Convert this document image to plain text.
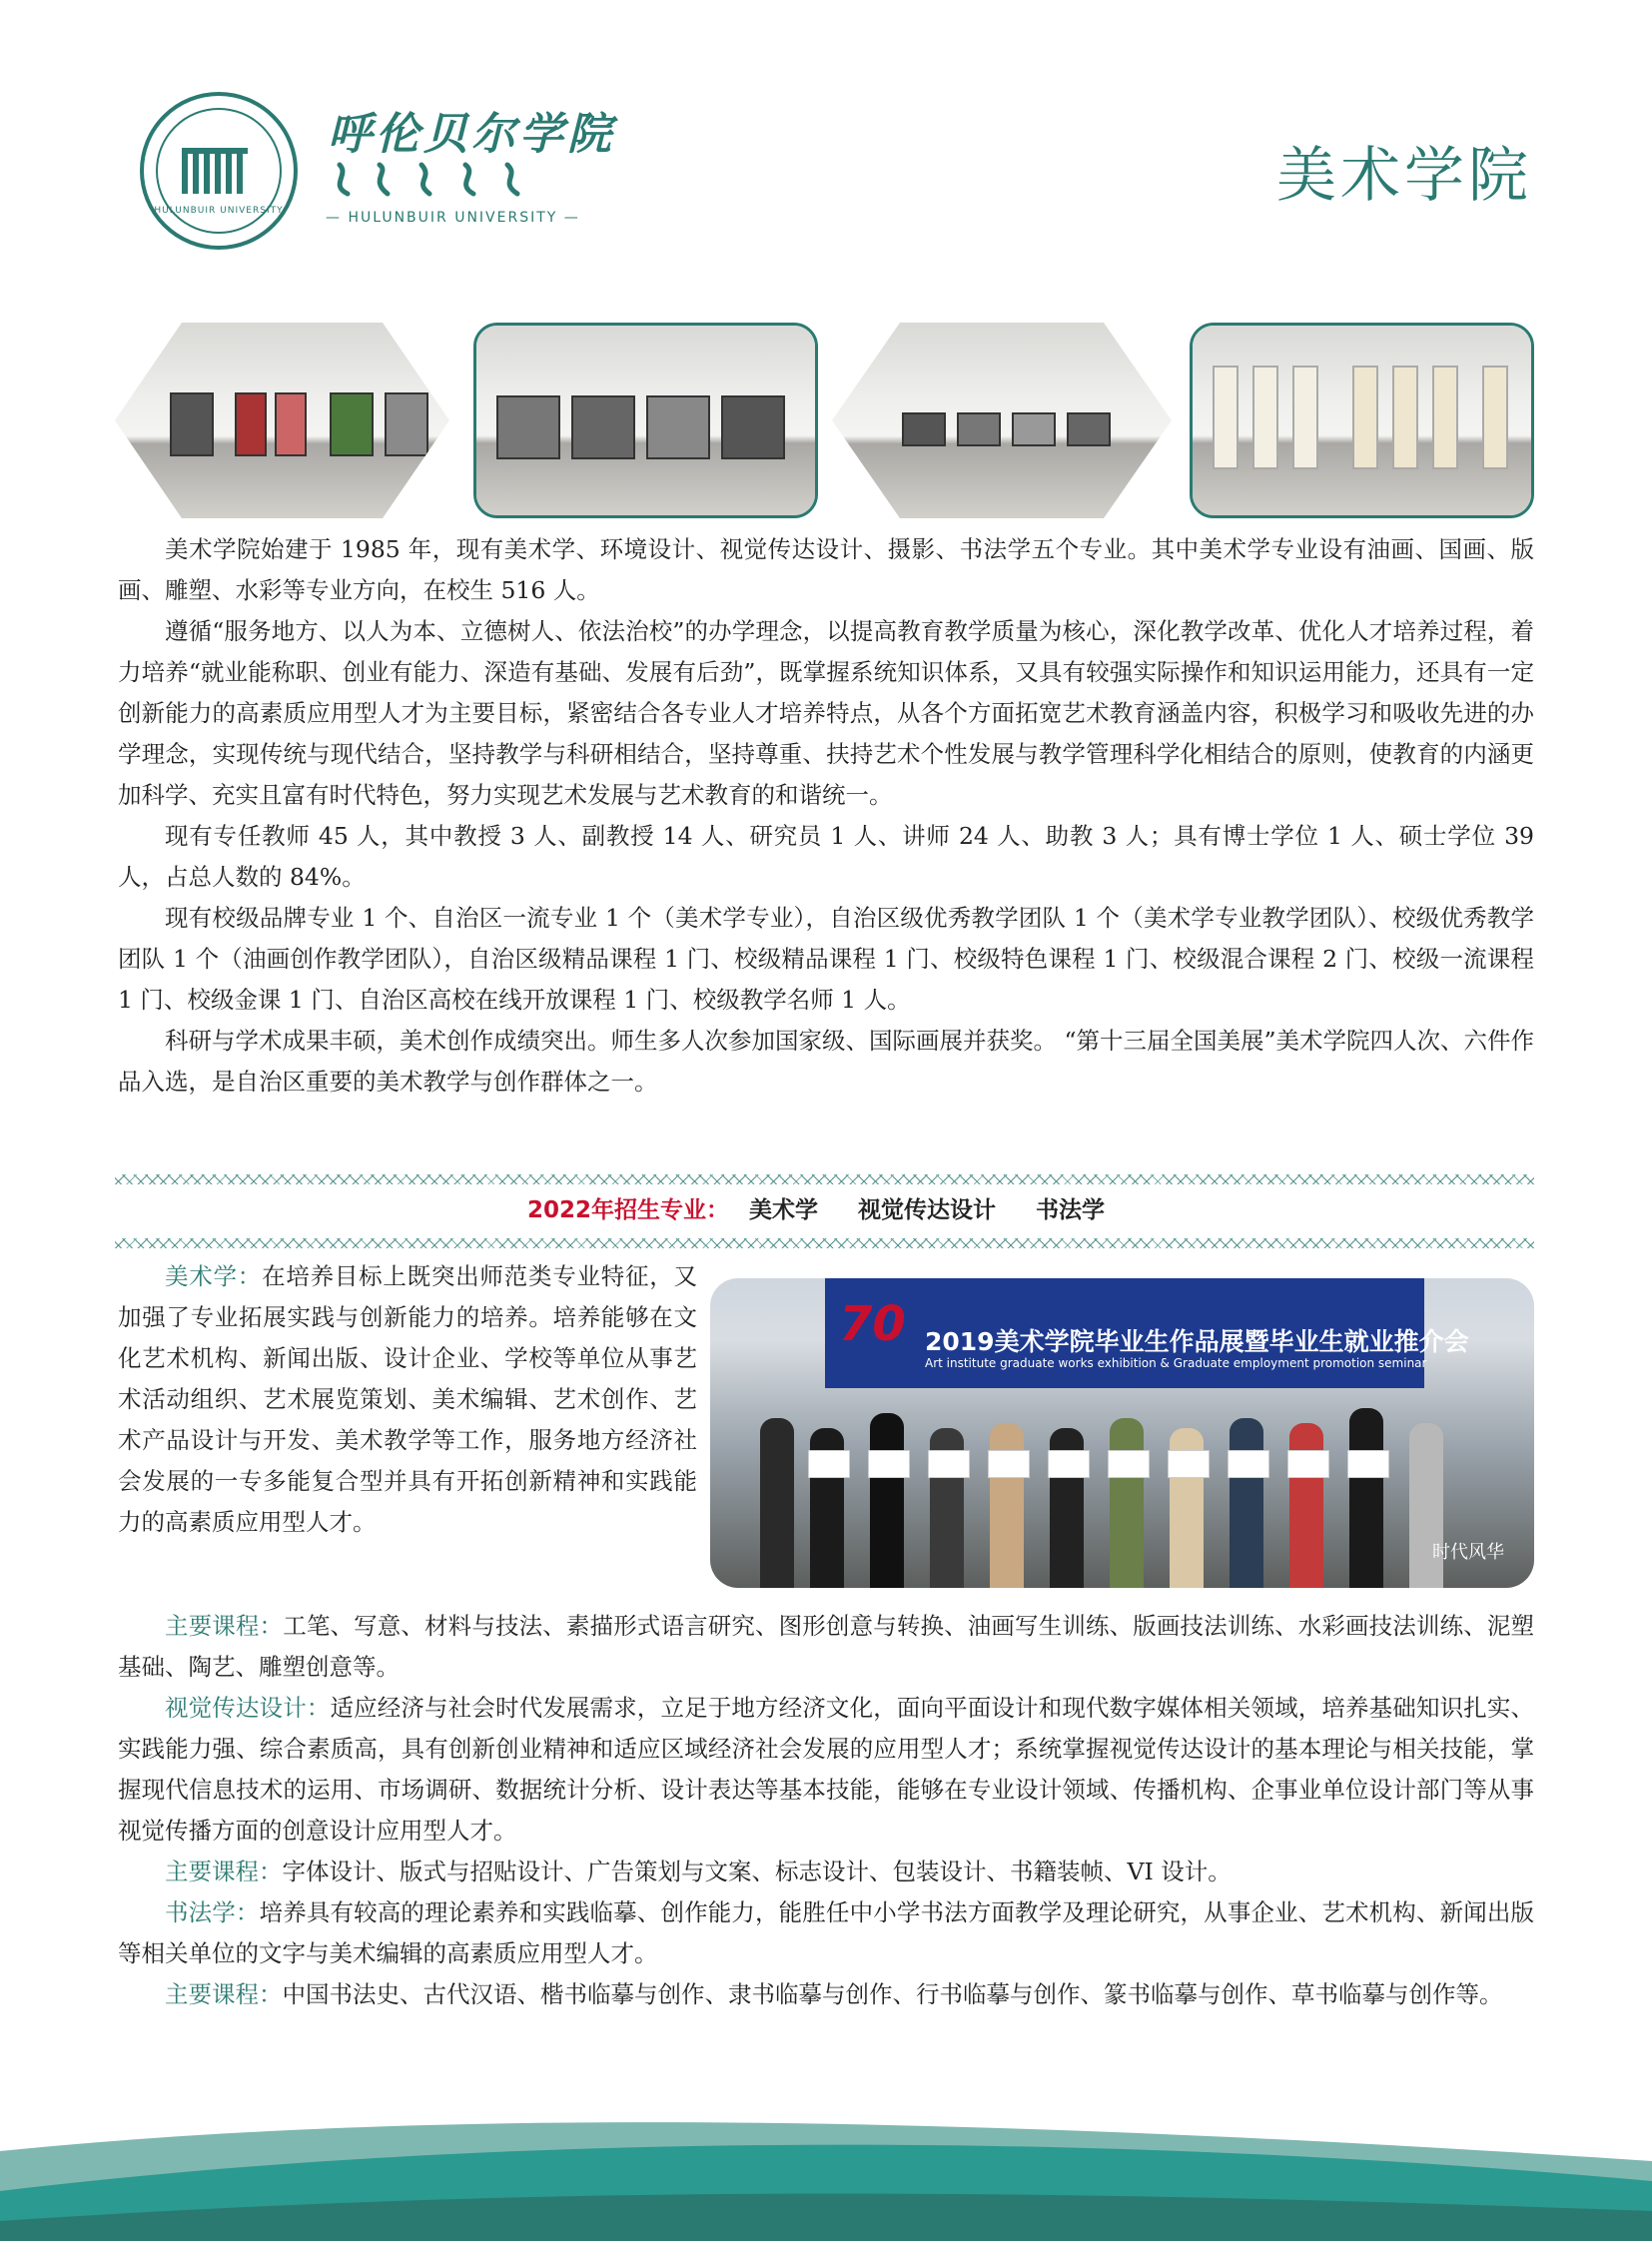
HULUNBUIR UNIVERSITY
呼伦贝尔学院
— HULUNBUIR UNIVERSITY —
美术学院

美术学院始建于 1985 年，现有美术学、环境设计、视觉传达设计、摄影、书法学五个专业。其中美术学专业设有油画、国画、版画、雕塑、水彩等专业方向，在校生 516 人。

遵循“服务地方、以人为本、立德树人、依法治校”的办学理念，以提高教育教学质量为核心，深化教学改革、优化人才培养过程，着力培养“就业能称职、创业有能力、深造有基础、发展有后劲”，既掌握系统知识体系，又具有较强实际操作和知识运用能力，还具有一定创新能力的高素质应用型人才为主要目标，紧密结合各专业人才培养特点，从各个方面拓宽艺术教育涵盖内容，积极学习和吸收先进的办学理念，实现传统与现代结合，坚持教学与科研相结合，坚持尊重、扶持艺术个性发展与教学管理科学化相结合的原则，使教育的内涵更加科学、充实且富有时代特色，努力实现艺术发展与艺术教育的和谐统一。

现有专任教师 45 人，其中教授 3 人、副教授 14 人、研究员 1 人、讲师 24 人、助教 3 人；具有博士学位 1 人、硕士学位 39 人，占总人数的 84%。

现有校级品牌专业 1 个、自治区一流专业 1 个（美术学专业），自治区级优秀教学团队 1 个（美术学专业教学团队）、校级优秀教学团队 1 个（油画创作教学团队），自治区级精品课程 1 门、校级精品课程 1 门、校级特色课程 1 门、校级混合课程 2 门、校级一流课程 1 门、校级金课 1 门、自治区高校在线开放课程 1 门、校级教学名师 1 人。

科研与学术成果丰硕，美术创作成绩突出。师生多人次参加国家级、国际画展并获奖。 “第十三届全国美展”美术学院四人次、六件作品入选，是自治区重要的美术教学与创作群体之一。

2022年招生专业： 美术学 视觉传达设计 书法学

美术学：在培养目标上既突出师范类专业特征，又加强了专业拓展实践与创新能力的培养。培养能够在文化艺术机构、新闻出版、设计企业、学校等单位从事艺术活动组织、艺术展览策划、美术编辑、艺术创作、艺术产品设计与开发、美术教学等工作，服务地方经济社会发展的一专多能复合型并具有开拓创新精神和实践能力的高素质应用型人才。

70 2019美术学院毕业生作品展暨毕业生就业推介会
Art institute graduate works exhibition & Graduate employment promotion seminar
时代风华

主要课程：工笔、写意、材料与技法、素描形式语言研究、图形创意与转换、油画写生训练、版画技法训练、水彩画技法训练、泥塑基础、陶艺、雕塑创意等。

视觉传达设计：适应经济与社会时代发展需求，立足于地方经济文化，面向平面设计和现代数字媒体相关领域，培养基础知识扎实、实践能力强、综合素质高，具有创新创业精神和适应区域经济社会发展的应用型人才；系统掌握视觉传达设计的基本理论与相关技能，掌握现代信息技术的运用、市场调研、数据统计分析、设计表达等基本技能，能够在专业设计领域、传播机构、企事业单位设计部门等从事视觉传播方面的创意设计应用型人才。

主要课程：字体设计、版式与招贴设计、广告策划与文案、标志设计、包装设计、书籍装帧、VI 设计。

书法学：培养具有较高的理论素养和实践临摹、创作能力，能胜任中小学书法方面教学及理论研究，从事企业、艺术机构、新闻出版等相关单位的文字与美术编辑的高素质应用型人才。

主要课程：中国书法史、古代汉语、楷书临摹与创作、隶书临摹与创作、行书临摹与创作、篆书临摹与创作、草书临摹与创作等。
